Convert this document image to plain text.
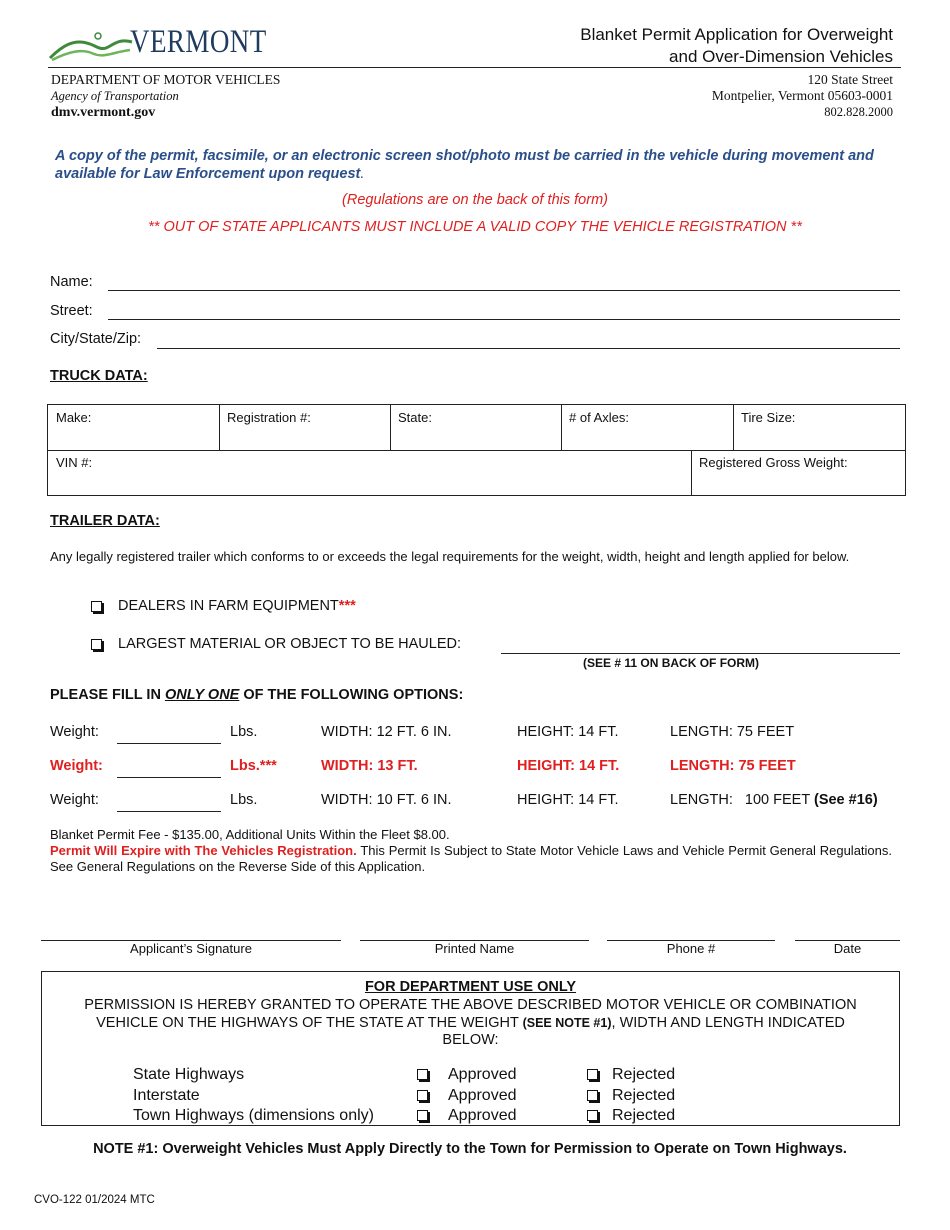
VERMONT	Blanket Permit Application for Overweight
and Over-Dimension Vehicles
DEPARTMENT OF MOTOR VEHICLES
Agency of Transportation
dmv.vermont.gov
120 State Street
Montpelier, Vermont 05603-0001
802.828.2000
A copy of the permit, facsimile, or an electronic screen shot/photo must be carried in the vehicle during movement and available for Law Enforcement upon request.
(Regulations are on the back of this form)
** OUT OF STATE APPLICANTS MUST INCLUDE A VALID COPY THE VEHICLE REGISTRATION **
Name:
Street:
City/State/Zip:
TRUCK DATA:
Make:	Registration #:	State:	# of Axles:	Tire Size:
VIN #:	Registered Gross Weight:
TRAILER DATA:
Any legally registered trailer which conforms to or exceeds the legal requirements for the weight, width, height and length applied for below.
DEALERS IN FARM EQUIPMENT***
LARGEST MATERIAL OR OBJECT TO BE HAULED:
(SEE # 11 ON BACK OF FORM)
PLEASE FILL IN ONLY ONE OF THE FOLLOWING OPTIONS:
Weight:	Lbs.	WIDTH: 12 FT. 6 IN.	HEIGHT: 14 FT.	LENGTH: 75 FEET
Weight:	Lbs.***	WIDTH: 13 FT.	HEIGHT: 14 FT.	LENGTH: 75 FEET
Weight:	Lbs.	WIDTH: 10 FT. 6 IN.	HEIGHT: 14 FT.	LENGTH:   100 FEET (See #16)
Blanket Permit Fee - $135.00, Additional Units Within the Fleet $8.00.
Permit Will Expire with The Vehicles Registration. This Permit Is Subject to State Motor Vehicle Laws and Vehicle Permit General Regulations. See General Regulations on the Reverse Side of this Application.
Applicant’s Signature	Printed Name	Phone #	Date
FOR DEPARTMENT USE ONLY
PERMISSION IS HEREBY GRANTED TO OPERATE THE ABOVE DESCRIBED MOTOR VEHICLE OR COMBINATION
VEHICLE ON THE HIGHWAYS OF THE STATE AT THE WEIGHT (SEE NOTE #1), WIDTH AND LENGTH INDICATED
BELOW:
State Highways	Approved	Rejected
Interstate	Approved	Rejected
Town Highways (dimensions only)	Approved	Rejected
NOTE #1: Overweight Vehicles Must Apply Directly to the Town for Permission to Operate on Town Highways.
CVO-122 01/2024 MTC
